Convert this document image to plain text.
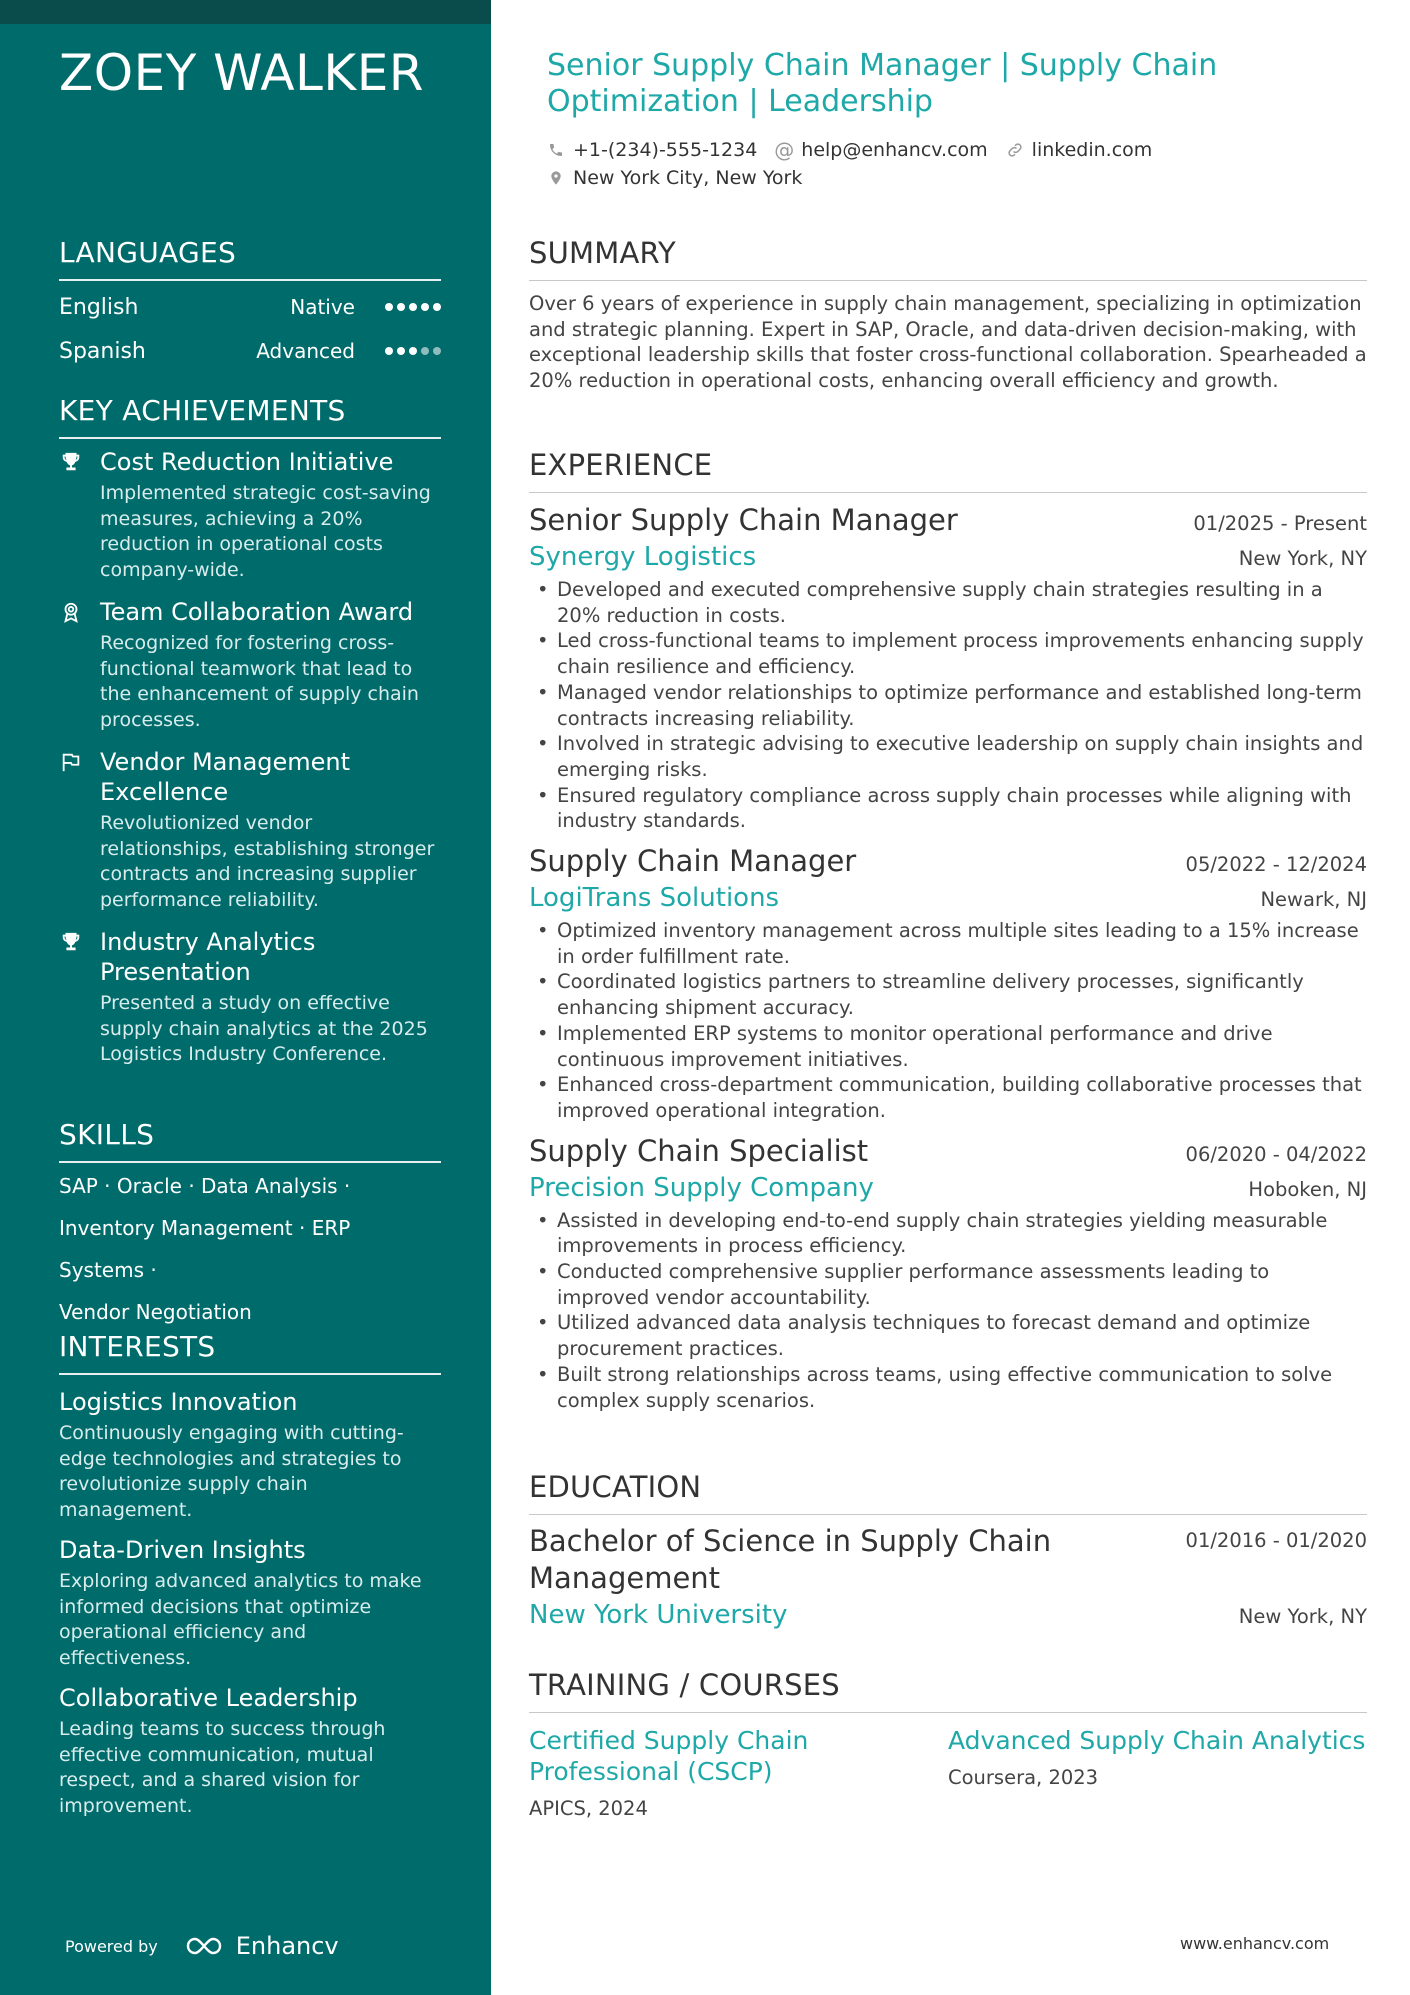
ZOEY WALKER
LANGUAGES
English	Native
Spanish	Advanced
KEY ACHIEVEMENTS
Cost Reduction Initiative
Implemented strategic cost-saving measures, achieving a 20% reduction in operational costs company-wide.
Team Collaboration Award
Recognized for fostering cross-functional teamwork that lead to the enhancement of supply chain processes.
Vendor Management Excellence
Revolutionized vendor relationships, establishing stronger contracts and increasing supplier performance reliability.
Industry Analytics Presentation
Presented a study on effective supply chain analytics at the 2025 Logistics Industry Conference.
SKILLS
SAP · Oracle · Data Analysis ·
Inventory Management · ERP Systems ·
Vendor Negotiation
INTERESTS
Logistics Innovation
Continuously engaging with cutting-edge technologies and strategies to revolutionize supply chain management.
Data-Driven Insights
Exploring advanced analytics to make informed decisions that optimize operational efficiency and effectiveness.
Collaborative Leadership
Leading teams to success through effective communication, mutual respect, and a shared vision for improvement.
Powered by	Enhancv
Senior Supply Chain Manager | Supply Chain Optimization | Leadership
+1-(234)-555-1234 @ help@enhancv.com linkedin.com
New York City, New York
SUMMARY
Over 6 years of experience in supply chain management, specializing in optimization and strategic planning. Expert in SAP, Oracle, and data-driven decision-making, with exceptional leadership skills that foster cross-functional collaboration. Spearheaded a 20% reduction in operational costs, enhancing overall efficiency and growth.
EXPERIENCE
Senior Supply Chain Manager	01/2025 - Present
Synergy Logistics	New York, NY
• Developed and executed comprehensive supply chain strategies resulting in a 20% reduction in costs.
• Led cross-functional teams to implement process improvements enhancing supply chain resilience and efficiency.
• Managed vendor relationships to optimize performance and established long-term contracts increasing reliability.
• Involved in strategic advising to executive leadership on supply chain insights and emerging risks.
• Ensured regulatory compliance across supply chain processes while aligning with industry standards.
Supply Chain Manager	05/2022 - 12/2024
LogiTrans Solutions	Newark, NJ
• Optimized inventory management across multiple sites leading to a 15% increase in order fulfillment rate.
• Coordinated logistics partners to streamline delivery processes, significantly enhancing shipment accuracy.
• Implemented ERP systems to monitor operational performance and drive continuous improvement initiatives.
• Enhanced cross-department communication, building collaborative processes that improved operational integration.
Supply Chain Specialist	06/2020 - 04/2022
Precision Supply Company	Hoboken, NJ
• Assisted in developing end-to-end supply chain strategies yielding measurable improvements in process efficiency.
• Conducted comprehensive supplier performance assessments leading to improved vendor accountability.
• Utilized advanced data analysis techniques to forecast demand and optimize procurement practices.
• Built strong relationships across teams, using effective communication to solve complex supply scenarios.
EDUCATION
Bachelor of Science in Supply Chain Management
01/2016 - 01/2020
New York University	New York, NY
TRAINING / COURSES
Certified Supply Chain Professional (CSCP)
APICS, 2024
Advanced Supply Chain Analytics
Coursera, 2023
www.enhancv.com
